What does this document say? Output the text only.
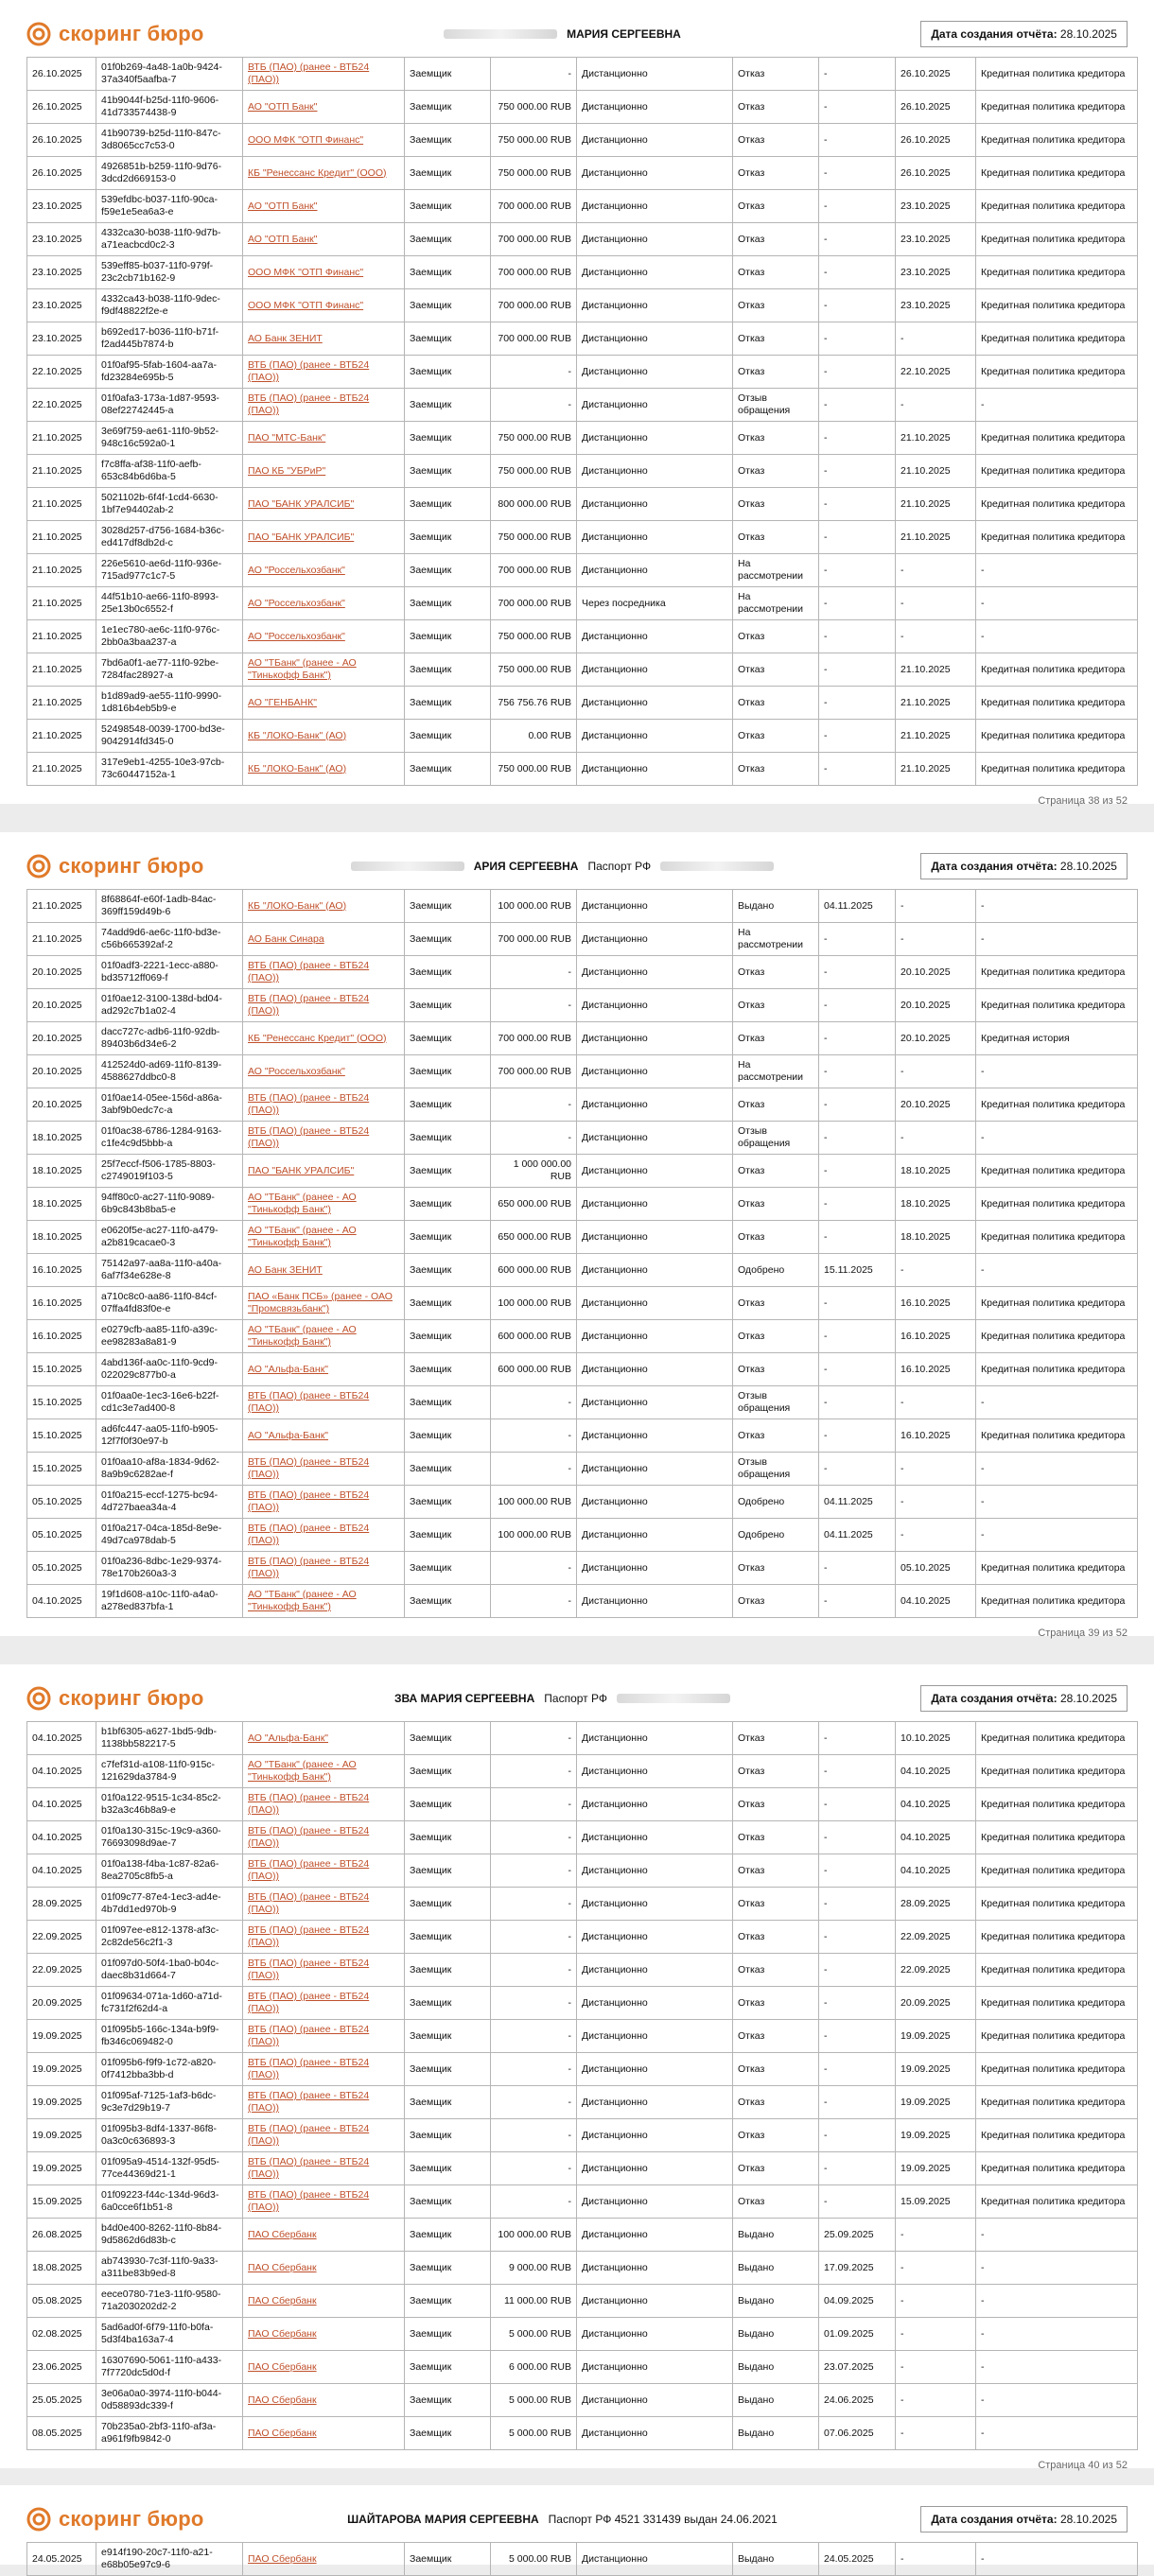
скоринг бюро	МАРИЯ СЕРГЕЕВНА	Дата создания отчёта: 28.10.2025
26.10.2025	01f0b269-4a48-1a0b-9424-37a340f5aafba-7	ВТБ (ПАО) (ранее - ВТБ24 (ПАО))	Заемщик	-	Дистанционно	Отказ	-	26.10.2025	Кредитная политика кредитора
26.10.2025	41b9044f-b25d-11f0-9606-41d733574438-9	АО "ОТП Банк"	Заемщик	750 000.00 RUB	Дистанционно	Отказ	-	26.10.2025	Кредитная политика кредитора
26.10.2025	41b90739-b25d-11f0-847c-3d8065cc7c53-0	ООО МФК "ОТП Финанс"	Заемщик	750 000.00 RUB	Дистанционно	Отказ	-	26.10.2025	Кредитная политика кредитора
26.10.2025	4926851b-b259-11f0-9d76-3dcd2d669153-0	КБ "Ренессанс Кредит" (ООО)	Заемщик	750 000.00 RUB	Дистанционно	Отказ	-	26.10.2025	Кредитная политика кредитора
23.10.2025	539efdbc-b037-11f0-90ca-f59e1e5ea6a3-e	АО "ОТП Банк"	Заемщик	700 000.00 RUB	Дистанционно	Отказ	-	23.10.2025	Кредитная политика кредитора
23.10.2025	4332ca30-b038-11f0-9d7b-a71eacbcd0c2-3	АО "ОТП Банк"	Заемщик	700 000.00 RUB	Дистанционно	Отказ	-	23.10.2025	Кредитная политика кредитора
23.10.2025	539eff85-b037-11f0-979f-23c2cb71b162-9	ООО МФК "ОТП Финанс"	Заемщик	700 000.00 RUB	Дистанционно	Отказ	-	23.10.2025	Кредитная политика кредитора
23.10.2025	4332ca43-b038-11f0-9dec-f9df48822f2e-e	ООО МФК "ОТП Финанс"	Заемщик	700 000.00 RUB	Дистанционно	Отказ	-	23.10.2025	Кредитная политика кредитора
23.10.2025	b692ed17-b036-11f0-b71f-f2ad445b7874-b	АО Банк ЗЕНИТ	Заемщик	700 000.00 RUB	Дистанционно	Отказ	-	-	Кредитная политика кредитора
22.10.2025	01f0af95-5fab-1604-aa7a-fd23284e695b-5	ВТБ (ПАО) (ранее - ВТБ24 (ПАО))	Заемщик	-	Дистанционно	Отказ	-	22.10.2025	Кредитная политика кредитора
22.10.2025	01f0afa3-173a-1d87-9593-08ef22742445-a	ВТБ (ПАО) (ранее - ВТБ24 (ПАО))	Заемщик	-	Дистанционно	Отзыв обращения	-	-	-
21.10.2025	3e69f759-ae61-11f0-9b52-948c16c592a0-1	ПАО "МТС-Банк"	Заемщик	750 000.00 RUB	Дистанционно	Отказ	-	21.10.2025	Кредитная политика кредитора
21.10.2025	f7c8ffa-af38-11f0-aefb-653c84b6d6ba-5	ПАО КБ "УБРиР"	Заемщик	750 000.00 RUB	Дистанционно	Отказ	-	21.10.2025	Кредитная политика кредитора
21.10.2025	5021102b-6f4f-1cd4-6630-1bf7e94402ab-2	ПАО "БАНК УРАЛСИБ"	Заемщик	800 000.00 RUB	Дистанционно	Отказ	-	21.10.2025	Кредитная политика кредитора
21.10.2025	3028d257-d756-1684-b36c-ed417df8db2d-c	ПАО "БАНК УРАЛСИБ"	Заемщик	750 000.00 RUB	Дистанционно	Отказ	-	21.10.2025	Кредитная политика кредитора
21.10.2025	226e5610-ae6d-11f0-936e-715ad977c1c7-5	АО "Россельхозбанк"	Заемщик	700 000.00 RUB	Дистанционно	На рассмотрении	-	-	-
21.10.2025	44f51b10-ae66-11f0-8993-25e13b0c6552-f	АО "Россельхозбанк"	Заемщик	700 000.00 RUB	Через посредника	На рассмотрении	-	-	-
21.10.2025	1e1ec780-ae6c-11f0-976c-2bb0a3baa237-a	АО "Россельхозбанк"	Заемщик	750 000.00 RUB	Дистанционно	Отказ	-	-	-
21.10.2025	7bd6a0f1-ae77-11f0-92be-7284fac28927-a	АО "ТБанк" (ранее - АО "Тинькофф Банк")	Заемщик	750 000.00 RUB	Дистанционно	Отказ	-	21.10.2025	Кредитная политика кредитора
21.10.2025	b1d89ad9-ae55-11f0-9990-1d816b4eb5b9-e	АО "ГЕНБАНК"	Заемщик	756 756.76 RUB	Дистанционно	Отказ	-	21.10.2025	Кредитная политика кредитора
21.10.2025	52498548-0039-1700-bd3e-9042914fd345-0	КБ "ЛОКО-Банк" (АО)	Заемщик	0.00 RUB	Дистанционно	Отказ	-	21.10.2025	Кредитная политика кредитора
21.10.2025	317e9eb1-4255-10e3-97cb-73c60447152a-1	КБ "ЛОКО-Банк" (АО)	Заемщик	750 000.00 RUB	Дистанционно	Отказ	-	21.10.2025	Кредитная политика кредитора
Страница 38 из 52
скоринг бюро	АРИЯ СЕРГЕЕВНА Паспорт РФ	Дата создания отчёта: 28.10.2025
21.10.2025	8f68864f-e60f-1adb-84ac-369ff159d49b-6	КБ "ЛОКО-Банк" (АО)	Заемщик	100 000.00 RUB	Дистанционно	Выдано	04.11.2025	-	-
21.10.2025	74add9d6-ae6c-11f0-bd3e-c56b665392af-2	АО Банк Синара	Заемщик	700 000.00 RUB	Дистанционно	На рассмотрении	-	-	-
20.10.2025	01f0adf3-2221-1ecc-a880-bd35712ff069-f	ВТБ (ПАО) (ранее - ВТБ24 (ПАО))	Заемщик	-	Дистанционно	Отказ	-	20.10.2025	Кредитная политика кредитора
20.10.2025	01f0ae12-3100-138d-bd04-ad292c7b1a02-4	ВТБ (ПАО) (ранее - ВТБ24 (ПАО))	Заемщик	-	Дистанционно	Отказ	-	20.10.2025	Кредитная политика кредитора
20.10.2025	dacc727c-adb6-11f0-92db-89403b6d34e6-2	КБ "Ренессанс Кредит" (ООО)	Заемщик	700 000.00 RUB	Дистанционно	Отказ	-	20.10.2025	Кредитная история
20.10.2025	412524d0-ad69-11f0-8139-4588627ddbc0-8	АО "Россельхозбанк"	Заемщик	700 000.00 RUB	Дистанционно	На рассмотрении	-	-	-
20.10.2025	01f0ae14-05ee-156d-a86a-3abf9b0edc7c-a	ВТБ (ПАО) (ранее - ВТБ24 (ПАО))	Заемщик	-	Дистанционно	Отказ	-	20.10.2025	Кредитная политика кредитора
18.10.2025	01f0ac38-6786-1284-9163-c1fe4c9d5bbb-a	ВТБ (ПАО) (ранее - ВТБ24 (ПАО))	Заемщик	-	Дистанционно	Отзыв обращения	-	-	-
18.10.2025	25f7eccf-f506-1785-8803-c2749019f103-5	ПАО "БАНК УРАЛСИБ"	Заемщик	1 000 000.00 RUB	Дистанционно	Отказ	-	18.10.2025	Кредитная политика кредитора
18.10.2025	94ff80c0-ac27-11f0-9089-6b9c843b8ba5-e	АО "ТБанк" (ранее - АО "Тинькофф Банк")	Заемщик	650 000.00 RUB	Дистанционно	Отказ	-	18.10.2025	Кредитная политика кредитора
18.10.2025	e0620f5e-ac27-11f0-a479-a2b819cacae0-3	АО "ТБанк" (ранее - АО "Тинькофф Банк")	Заемщик	650 000.00 RUB	Дистанционно	Отказ	-	18.10.2025	Кредитная политика кредитора
16.10.2025	75142a97-aa8a-11f0-a40a-6af7f34e628e-8	АО Банк ЗЕНИТ	Заемщик	600 000.00 RUB	Дистанционно	Одобрено	15.11.2025	-	-
16.10.2025	a710c8c0-aa86-11f0-84cf-07ffa4fd83f0e-e	ПАО «Банк ПСБ» (ранее - ОАО "Промсвязьбанк")	Заемщик	100 000.00 RUB	Дистанционно	Отказ	-	16.10.2025	Кредитная политика кредитора
16.10.2025	e0279cfb-aa85-11f0-a39c-ee98283a8a81-9	АО "ТБанк" (ранее - АО "Тинькофф Банк")	Заемщик	600 000.00 RUB	Дистанционно	Отказ	-	16.10.2025	Кредитная политика кредитора
15.10.2025	4abd136f-aa0c-11f0-9cd9-022029c877b0-a	АО "Альфа-Банк"	Заемщик	600 000.00 RUB	Дистанционно	Отказ	-	16.10.2025	Кредитная политика кредитора
15.10.2025	01f0aa0e-1ec3-16e6-b22f-cd1c3e7ad400-8	ВТБ (ПАО) (ранее - ВТБ24 (ПАО))	Заемщик	-	Дистанционно	Отзыв обращения	-	-	-
15.10.2025	ad6fc447-aa05-11f0-b905-12f7f0f30e97-b	АО "Альфа-Банк"	Заемщик	-	Дистанционно	Отказ	-	16.10.2025	Кредитная политика кредитора
15.10.2025	01f0aa10-af8a-1834-9d62-8a9b9c6282ae-f	ВТБ (ПАО) (ранее - ВТБ24 (ПАО))	Заемщик	-	Дистанционно	Отзыв обращения	-	-	-
05.10.2025	01f0a215-eccf-1275-bc94-4d727baea34a-4	ВТБ (ПАО) (ранее - ВТБ24 (ПАО))	Заемщик	100 000.00 RUB	Дистанционно	Одобрено	04.11.2025	-	-
05.10.2025	01f0a217-04ca-185d-8e9e-49d7ca978dab-5	ВТБ (ПАО) (ранее - ВТБ24 (ПАО))	Заемщик	100 000.00 RUB	Дистанционно	Одобрено	04.11.2025	-	-
05.10.2025	01f0a236-8dbc-1e29-9374-78e170b260a3-3	ВТБ (ПАО) (ранее - ВТБ24 (ПАО))	Заемщик	-	Дистанционно	Отказ	-	05.10.2025	Кредитная политика кредитора
04.10.2025	19f1d608-a10c-11f0-a4a0-a278ed837bfa-1	АО "ТБанк" (ранее - АО "Тинькофф Банк")	Заемщик	-	Дистанционно	Отказ	-	04.10.2025	Кредитная политика кредитора
Страница 39 из 52
скоринг бюро	ЗВА МАРИЯ СЕРГЕЕВНА Паспорт РФ	Дата создания отчёта: 28.10.2025
04.10.2025	b1bf6305-a627-1bd5-9db-1138bb582217-5	АО "Альфа-Банк"	Заемщик	-	Дистанционно	Отказ	-	10.10.2025	Кредитная политика кредитора
04.10.2025	c7fef31d-a108-11f0-915c-121629da3784-9	АО "ТБанк" (ранее - АО "Тинькофф Банк")	Заемщик	-	Дистанционно	Отказ	-	04.10.2025	Кредитная политика кредитора
04.10.2025	01f0a122-9515-1c34-85c2-b32a3c46b8a9-e	ВТБ (ПАО) (ранее - ВТБ24 (ПАО))	Заемщик	-	Дистанционно	Отказ	-	04.10.2025	Кредитная политика кредитора
04.10.2025	01f0a130-315c-19c9-a360-76693098d9ae-7	ВТБ (ПАО) (ранее - ВТБ24 (ПАО))	Заемщик	-	Дистанционно	Отказ	-	04.10.2025	Кредитная политика кредитора
04.10.2025	01f0a138-f4ba-1c87-82a6-8ea2705c8fb5-a	ВТБ (ПАО) (ранее - ВТБ24 (ПАО))	Заемщик	-	Дистанционно	Отказ	-	04.10.2025	Кредитная политика кредитора
28.09.2025	01f09c77-87e4-1ec3-ad4e-4b7dd1ed970b-9	ВТБ (ПАО) (ранее - ВТБ24 (ПАО))	Заемщик	-	Дистанционно	Отказ	-	28.09.2025	Кредитная политика кредитора
22.09.2025	01f097ee-e812-1378-af3c-2c82de56c2f1-3	ВТБ (ПАО) (ранее - ВТБ24 (ПАО))	Заемщик	-	Дистанционно	Отказ	-	22.09.2025	Кредитная политика кредитора
22.09.2025	01f097d0-50f4-1ba0-b04c-daec8b31d664-7	ВТБ (ПАО) (ранее - ВТБ24 (ПАО))	Заемщик	-	Дистанционно	Отказ	-	22.09.2025	Кредитная политика кредитора
20.09.2025	01f09634-071a-1d60-a71d-fc731f2f62d4-a	ВТБ (ПАО) (ранее - ВТБ24 (ПАО))	Заемщик	-	Дистанционно	Отказ	-	20.09.2025	Кредитная политика кредитора
19.09.2025	01f095b5-166c-134a-b9f9-fb346c069482-0	ВТБ (ПАО) (ранее - ВТБ24 (ПАО))	Заемщик	-	Дистанционно	Отказ	-	19.09.2025	Кредитная политика кредитора
19.09.2025	01f095b6-f9f9-1c72-a820-0f7412bba3bb-d	ВТБ (ПАО) (ранее - ВТБ24 (ПАО))	Заемщик	-	Дистанционно	Отказ	-	19.09.2025	Кредитная политика кредитора
19.09.2025	01f095af-7125-1af3-b6dc-9c3e7d29b19-7	ВТБ (ПАО) (ранее - ВТБ24 (ПАО))	Заемщик	-	Дистанционно	Отказ	-	19.09.2025	Кредитная политика кредитора
19.09.2025	01f095b3-8df4-1337-86f8-0a3c0c636893-3	ВТБ (ПАО) (ранее - ВТБ24 (ПАО))	Заемщик	-	Дистанционно	Отказ	-	19.09.2025	Кредитная политика кредитора
19.09.2025	01f095a9-4514-132f-95d5-77ce44369d21-1	ВТБ (ПАО) (ранее - ВТБ24 (ПАО))	Заемщик	-	Дистанционно	Отказ	-	19.09.2025	Кредитная политика кредитора
15.09.2025	01f09223-f44c-134d-96d3-6a0cce6f1b51-8	ВТБ (ПАО) (ранее - ВТБ24 (ПАО))	Заемщик	-	Дистанционно	Отказ	-	15.09.2025	Кредитная политика кредитора
26.08.2025	b4d0e400-8262-11f0-8b84-9d5862d6d83b-c	ПАО Сбербанк	Заемщик	100 000.00 RUB	Дистанционно	Выдано	25.09.2025	-	-
18.08.2025	ab743930-7c3f-11f0-9a33-a311be83b9ed-8	ПАО Сбербанк	Заемщик	9 000.00 RUB	Дистанционно	Выдано	17.09.2025	-	-
05.08.2025	eece0780-71e3-11f0-9580-71a2030202d2-2	ПАО Сбербанк	Заемщик	11 000.00 RUB	Дистанционно	Выдано	04.09.2025	-	-
02.08.2025	5ad6ad0f-6f79-11f0-b0fa-5d3f4ba163a7-4	ПАО Сбербанк	Заемщик	5 000.00 RUB	Дистанционно	Выдано	01.09.2025	-	-
23.06.2025	16307690-5061-11f0-a433-7f7720dc5d0d-f	ПАО Сбербанк	Заемщик	6 000.00 RUB	Дистанционно	Выдано	23.07.2025	-	-
25.05.2025	3e06a0a0-3974-11f0-b044-0d58893dc339-f	ПАО Сбербанк	Заемщик	5 000.00 RUB	Дистанционно	Выдано	24.06.2025	-	-
08.05.2025	70b235a0-2bf3-11f0-af3a-a961f9fb9842-0	ПАО Сбербанк	Заемщик	5 000.00 RUB	Дистанционно	Выдано	07.06.2025	-	-
Страница 40 из 52
скоринг бюро	ШАЙТАРОВА МАРИЯ СЕРГЕЕВНА Паспорт РФ 4521 331439 выдан 24.06.2021	Дата создания отчёта: 28.10.2025
24.05.2025	e914f190-20c7-11f0-a21-e68b05e97c9-6	ПАО Сбербанк	Заемщик	5 000.00 RUB	Дистанционно	Выдано	24.05.2025	-	-
